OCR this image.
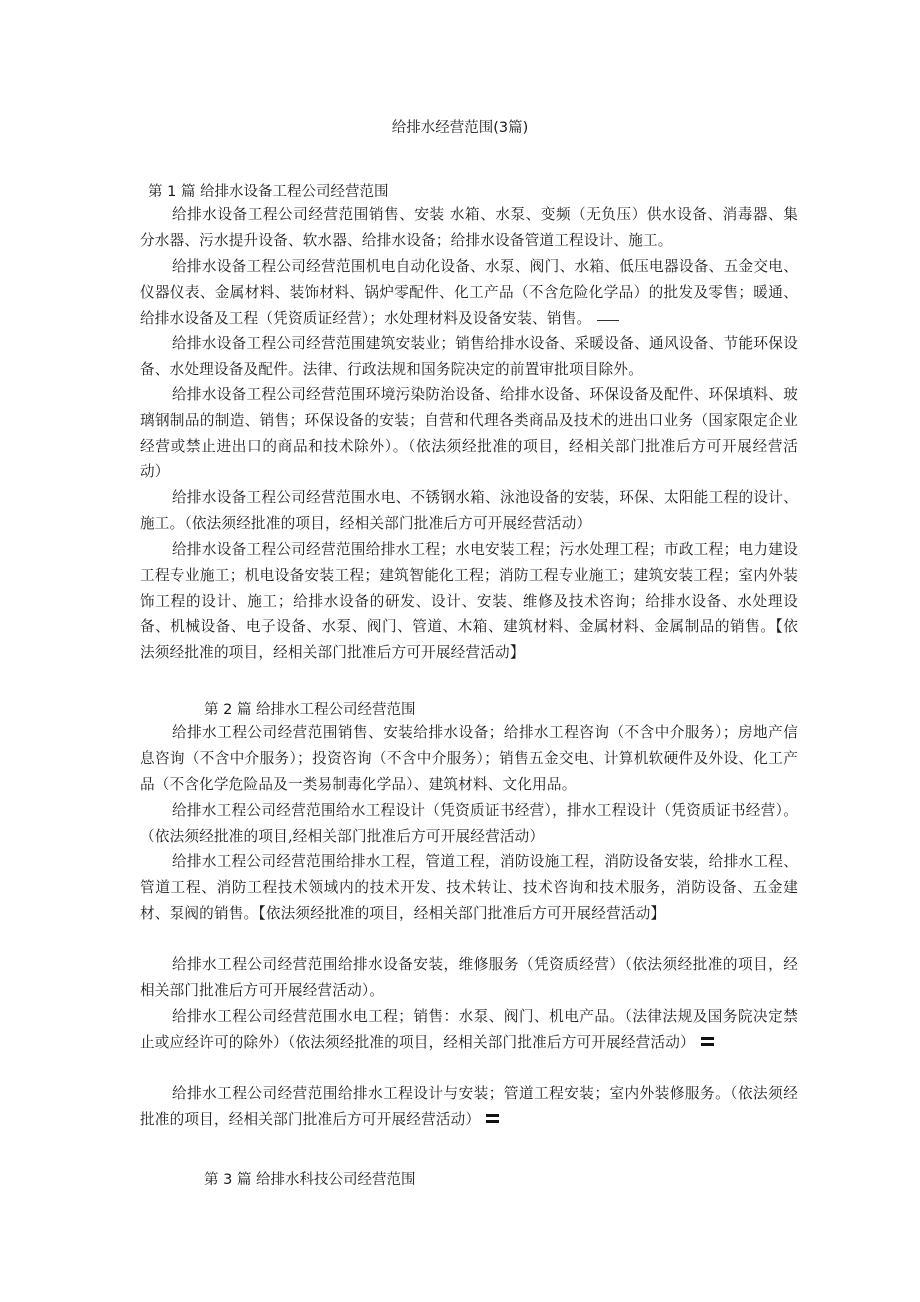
给排水经营范围(3篇)
第 1 篇 给排水设备工程公司经营范围
给排水设备工程公司经营范围销售、安装 水箱、水泵、变频（无负压）供水设备、消毒器、集分水器、污水提升设备、软水器、给排水设备；给排水设备管道工程设计、施工。
给排水设备工程公司经营范围机电自动化设备、水泵、阀门、水箱、低压电器设备、五金交电、仪器仪表、金属材料、装饰材料、锅炉零配件、化工产品（不含危险化学品）的批发及零售；暖通、给排水设备及工程（凭资质证经营）；水处理材料及设备安装、销售。
给排水设备工程公司经营范围建筑安装业；销售给排水设备、采暖设备、通风设备、节能环保设备、水处理设备及配件。法律、行政法规和国务院决定的前置审批项目除外。
给排水设备工程公司经营范围环境污染防治设备、给排水设备、环保设备及配件、环保填料、玻璃钢制品的制造、销售；环保设备的安装；自营和代理各类商品及技术的进出口业务（国家限定企业经营或禁止进出口的商品和技术除外）。（依法须经批准的项目，经相关部门批准后方可开展经营活动）
给排水设备工程公司经营范围水电、不锈钢水箱、泳池设备的安装，环保、太阳能工程的设计、施工。（依法须经批准的项目，经相关部门批准后方可开展经营活动）
给排水设备工程公司经营范围给排水工程；水电安装工程；污水处理工程；市政工程；电力建设工程专业施工；机电设备安装工程；建筑智能化工程；消防工程专业施工；建筑安装工程；室内外装饰工程的设计、施工；给排水设备的研发、设计、安装、维修及技术咨询；给排水设备、水处理设备、机械设备、电子设备、水泵、阀门、管道、木箱、建筑材料、金属材料、金属制品的销售。【依法须经批准的项目，经相关部门批准后方可开展经营活动】
第 2 篇 给排水工程公司经营范围
给排水工程公司经营范围销售、安装给排水设备；给排水工程咨询（不含中介服务）；房地产信息咨询（不含中介服务）；投资咨询（不含中介服务）；销售五金交电、计算机软硬件及外设、化工产品（不含化学危险品及一类易制毒化学品）、建筑材料、文化用品。
给排水工程公司经营范围给水工程设计（凭资质证书经营），排水工程设计（凭资质证书经营）。（依法须经批准的项目,经相关部门批准后方可开展经营活动）
给排水工程公司经营范围给排水工程，管道工程，消防设施工程，消防设备安装，给排水工程、管道工程、消防工程技术领域内的技术开发、技术转让、技术咨询和技术服务，消防设备、五金建材、泵阀的销售。【依法须经批准的项目，经相关部门批准后方可开展经营活动】
给排水工程公司经营范围给排水设备安装，维修服务（凭资质经营）（依法须经批准的项目，经相关部门批准后方可开展经营活动）。
给排水工程公司经营范围水电工程；销售：水泵、阀门、机电产品。（法律法规及国务院决定禁止或应经许可的除外）（依法须经批准的项目，经相关部门批准后方可开展经营活动）
给排水工程公司经营范围给排水工程设计与安装；管道工程安装；室内外装修服务。（依法须经批准的项目，经相关部门批准后方可开展经营活动）
第 3 篇 给排水科技公司经营范围
